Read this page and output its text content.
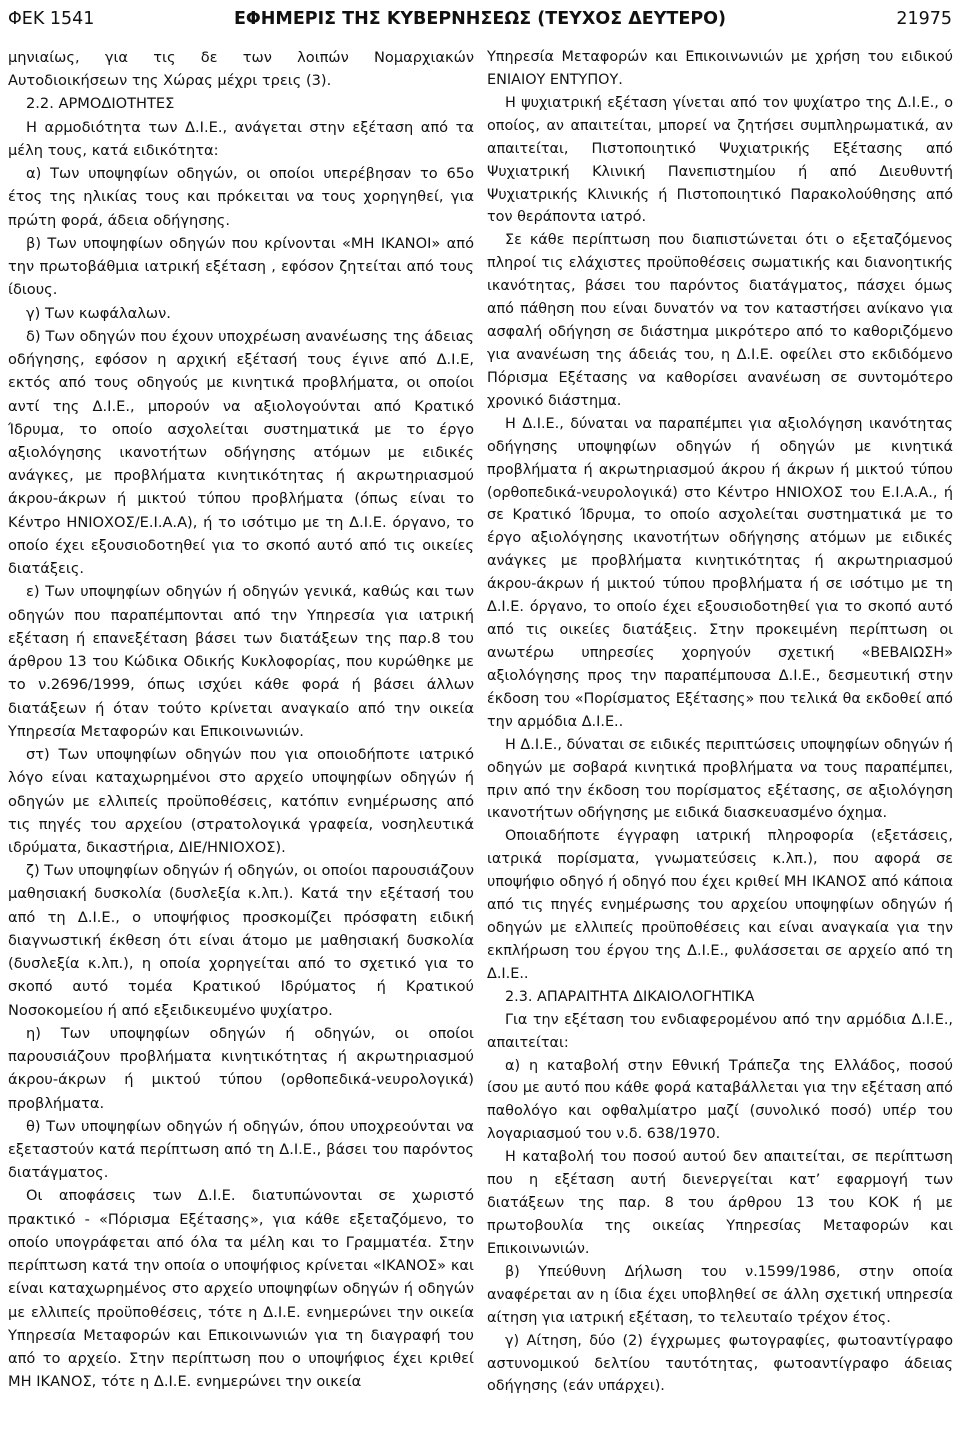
ΦΕΚ 1541	ΕΦΗΜΕΡΙΣ ΤΗΣ ΚΥΒΕΡΝΗΣΕΩΣ (ΤΕΥΧΟΣ ΔΕΥΤΕΡΟ)	21975

μηνιαίως, για τις δε των λοιπών Νομαρχιακών Αυτοδιοικήσεων της Χώρας μέχρι τρεις (3).

2.2. ΑΡΜΟΔΙΟΤΗΤΕΣ

Η αρμοδιότητα των Δ.Ι.Ε., ανάγεται στην εξέταση από τα μέλη τους, κατά ειδικότητα:

α) Των υποψηφίων οδηγών, οι οποίοι υπερέβησαν το 65ο έτος της ηλικίας τους και πρόκειται να τους χορηγηθεί, για πρώτη φορά, άδεια οδήγησης.

β) Των υποψηφίων οδηγών που κρίνονται «ΜΗ ΙΚΑΝΟΙ» από την πρωτοβάθμια ιατρική εξέταση , εφόσον ζητείται από τους ίδιους.

γ) Των κωφάλαλων.

δ) Των οδηγών που έχουν υποχρέωση ανανέωσης της άδειας οδήγησης, εφόσον η αρχική εξέτασή τους έγινε από Δ.Ι.Ε, εκτός από τους οδηγούς με κινητικά προβλήματα, οι οποίοι αντί της Δ.Ι.Ε., μπορούν να αξιολογούνται από Κρατικό Ίδρυμα, το οποίο ασχολείται συστηματικά με το έργο αξιολόγησης ικανοτήτων οδήγησης ατόμων με ειδικές ανάγκες, με προβλήματα κινητικότητας ή ακρωτηριασμού άκρου-άκρων ή μικτού τύπου προβλήματα (όπως είναι το Κέντρο ΗΝΙΟΧΟΣ/Ε.Ι.Α.Α), ή το ισότιμο με τη Δ.Ι.Ε. όργανο, το οποίο έχει εξουσιοδοτηθεί για το σκοπό αυτό από τις οικείες διατάξεις.

ε) Των υποψηφίων οδηγών ή οδηγών γενικά, καθώς και των οδηγών που παραπέμπονται από την Υπηρεσία για ιατρική εξέταση ή επανεξέταση βάσει των διατάξεων της παρ.8 του άρθρου 13 του Κώδικα Οδικής Κυκλοφορίας, που κυρώθηκε με το ν.2696/1999, όπως ισχύει κάθε φορά ή βάσει άλλων διατάξεων ή όταν τούτο κρίνεται αναγκαίο από την οικεία Υπηρεσία Μεταφορών και Επικοινωνιών.

στ) Των υποψηφίων οδηγών που για οποιοδήποτε ιατρικό λόγο είναι καταχωρημένοι στο αρχείο υποψηφίων οδηγών ή οδηγών με ελλιπείς προϋποθέσεις, κατόπιν ενημέρωσης από τις πηγές του αρχείου (στρατολογικά γραφεία, νοσηλευτικά ιδρύματα, δικαστήρια, ΔΙΕ/ΗΝΙΟΧΟΣ).

ζ) Των υποψηφίων οδηγών ή οδηγών, οι οποίοι παρουσιάζουν μαθησιακή δυσκολία (δυσλεξία κ.λπ.). Κατά την εξέτασή του από τη Δ.Ι.Ε., ο υποψήφιος προσκομίζει πρόσφατη ειδική διαγνωστική έκθεση ότι είναι άτομο με μαθησιακή δυσκολία (δυσλεξία κ.λπ.), η οποία χορηγείται από το σχετικό για το σκοπό αυτό τομέα Κρατικού Ιδρύματος ή Κρατικού Νοσοκομείου ή από εξειδικευμένο ψυχίατρο.

η) Των υποψηφίων οδηγών ή οδηγών, οι οποίοι παρουσιάζουν προβλήματα κινητικότητας ή ακρωτηριασμού άκρου-άκρων ή μικτού τύπου (ορθοπεδικά-νευρολογικά) προβλήματα.

θ) Των υποψηφίων οδηγών ή οδηγών, όπου υποχρεούνται να εξεταστούν κατά περίπτωση από τη Δ.Ι.Ε., βάσει του παρόντος διατάγματος.

Οι αποφάσεις των Δ.Ι.Ε. διατυπώνονται σε χωριστό πρακτικό - «Πόρισμα Εξέτασης», για κάθε εξεταζόμενο, το οποίο υπογράφεται από όλα τα μέλη και το Γραμματέα. Στην περίπτωση κατά την οποία ο υποψήφιος κρίνεται «ΙΚΑΝΟΣ» και είναι καταχωρημένος στο αρχείο υποψηφίων οδηγών ή οδηγών με ελλιπείς προϋποθέσεις, τότε η Δ.Ι.Ε. ενημερώνει την οικεία Υπηρεσία Μεταφορών και Επικοινωνιών για τη διαγραφή του από το αρχείο. Στην περίπτωση που ο υποψήφιος έχει κριθεί ΜΗ ΙΚΑΝΟΣ, τότε η Δ.Ι.Ε. ενημερώνει την οικεία

Υπηρεσία Μεταφορών και Επικοινωνιών με χρήση του ειδικού ΕΝΙΑΙΟΥ ΕΝΤΥΠΟΥ.

Η ψυχιατρική εξέταση γίνεται από τον ψυχίατρο της Δ.Ι.Ε., ο οποίος, αν απαιτείται, μπορεί να ζητήσει συμπληρωματικά, αν απαιτείται, Πιστοποιητικό Ψυχιατρικής Εξέτασης από Ψυχιατρική Κλινική Πανεπιστημίου ή από Διευθυντή Ψυχιατρικής Κλινικής ή Πιστοποιητικό Παρακολούθησης από τον θεράποντα ιατρό.

Σε κάθε περίπτωση που διαπιστώνεται ότι ο εξεταζόμενος πληροί τις ελάχιστες προϋποθέσεις σωματικής και διανοητικής ικανότητας, βάσει του παρόντος διατάγματος, πάσχει όμως από πάθηση που είναι δυνατόν να τον καταστήσει ανίκανο για ασφαλή οδήγηση σε διάστημα μικρότερο από το καθοριζόμενο για ανανέωση της άδειάς του, η Δ.Ι.Ε. οφείλει στο εκδιδόμενο Πόρισμα Εξέτασης να καθορίσει ανανέωση σε συντομότερο χρονικό διάστημα.

Η Δ.Ι.Ε., δύναται να παραπέμπει για αξιολόγηση ικανότητας οδήγησης υποψηφίων οδηγών ή οδηγών με κινητικά προβλήματα ή ακρωτηριασμού άκρου ή άκρων ή μικτού τύπου (ορθοπεδικά-νευρολογικά) στο Κέντρο ΗΝΙΟΧΟΣ του Ε.Ι.Α.Α., ή σε Κρατικό Ίδρυμα, το οποίο ασχολείται συστηματικά με το έργο αξιολόγησης ικανοτήτων οδήγησης ατόμων με ειδικές ανάγκες με προβλήματα κινητικότητας ή ακρωτηριασμού άκρου-άκρων ή μικτού τύπου προβλήματα ή σε ισότιμο με τη Δ.Ι.Ε. όργανο, το οποίο έχει εξουσιοδοτηθεί για το σκοπό αυτό από τις οικείες διατάξεις. Στην προκειμένη περίπτωση οι ανωτέρω υπηρεσίες χορηγούν σχετική «ΒΕΒΑΙΩΣΗ» αξιολόγησης προς την παραπέμπουσα Δ.Ι.Ε., δεσμευτική στην έκδοση του «Πορίσματος Εξέτασης» που τελικά θα εκδοθεί από την αρμόδια Δ.Ι.Ε..

Η Δ.Ι.Ε., δύναται σε ειδικές περιπτώσεις υποψηφίων οδηγών ή οδηγών με σοβαρά κινητικά προβλήματα να τους παραπέμπει, πριν από την έκδοση του πορίσματος εξέτασης, σε αξιολόγηση ικανοτήτων οδήγησης με ειδικά διασκευασμένο όχημα.

Οποιαδήποτε έγγραφη ιατρική πληροφορία (εξετάσεις, ιατρικά πορίσματα, γνωματεύσεις κ.λπ.), που αφορά σε υποψήφιο οδηγό ή οδηγό που έχει κριθεί ΜΗ ΙΚΑΝΟΣ από κάποια από τις πηγές ενημέρωσης του αρχείου υποψηφίων οδηγών ή οδηγών με ελλιπείς προϋποθέσεις και είναι αναγκαία για την εκπλήρωση του έργου της Δ.Ι.Ε., φυλάσσεται σε αρχείο από τη Δ.Ι.Ε..

2.3. ΑΠΑΡΑΙΤΗΤΑ ΔΙΚΑΙΟΛΟΓΗΤΙΚΑ

Για την εξέταση του ενδιαφερομένου από την αρμόδια Δ.Ι.Ε., απαιτείται:

α) η καταβολή στην Εθνική Τράπεζα της Ελλάδος, ποσού ίσου με αυτό που κάθε φορά καταβάλλεται για την εξέταση από παθολόγο και οφθαλμίατρο μαζί (συνολικό ποσό) υπέρ του λογαριασμού του ν.δ. 638/1970.

Η καταβολή του ποσού αυτού δεν απαιτείται, σε περίπτωση που η εξέταση αυτή διενεργείται κατ’ εφαρμογή των διατάξεων της παρ. 8 του άρθρου 13 του ΚΟΚ ή με πρωτοβουλία της οικείας Υπηρεσίας Μεταφορών και Επικοινωνιών.

β) Υπεύθυνη Δήλωση του ν.1599/1986, στην οποία αναφέρεται αν η ίδια έχει υποβληθεί σε άλλη σχετική υπηρεσία αίτηση για ιατρική εξέταση, το τελευταίο τρέχον έτος.

γ) Αίτηση, δύο (2) έγχρωμες φωτογραφίες, φωτοαντίγραφο αστυνομικού δελτίου ταυτότητας, φωτοαντίγραφο άδειας οδήγησης (εάν υπάρχει).
